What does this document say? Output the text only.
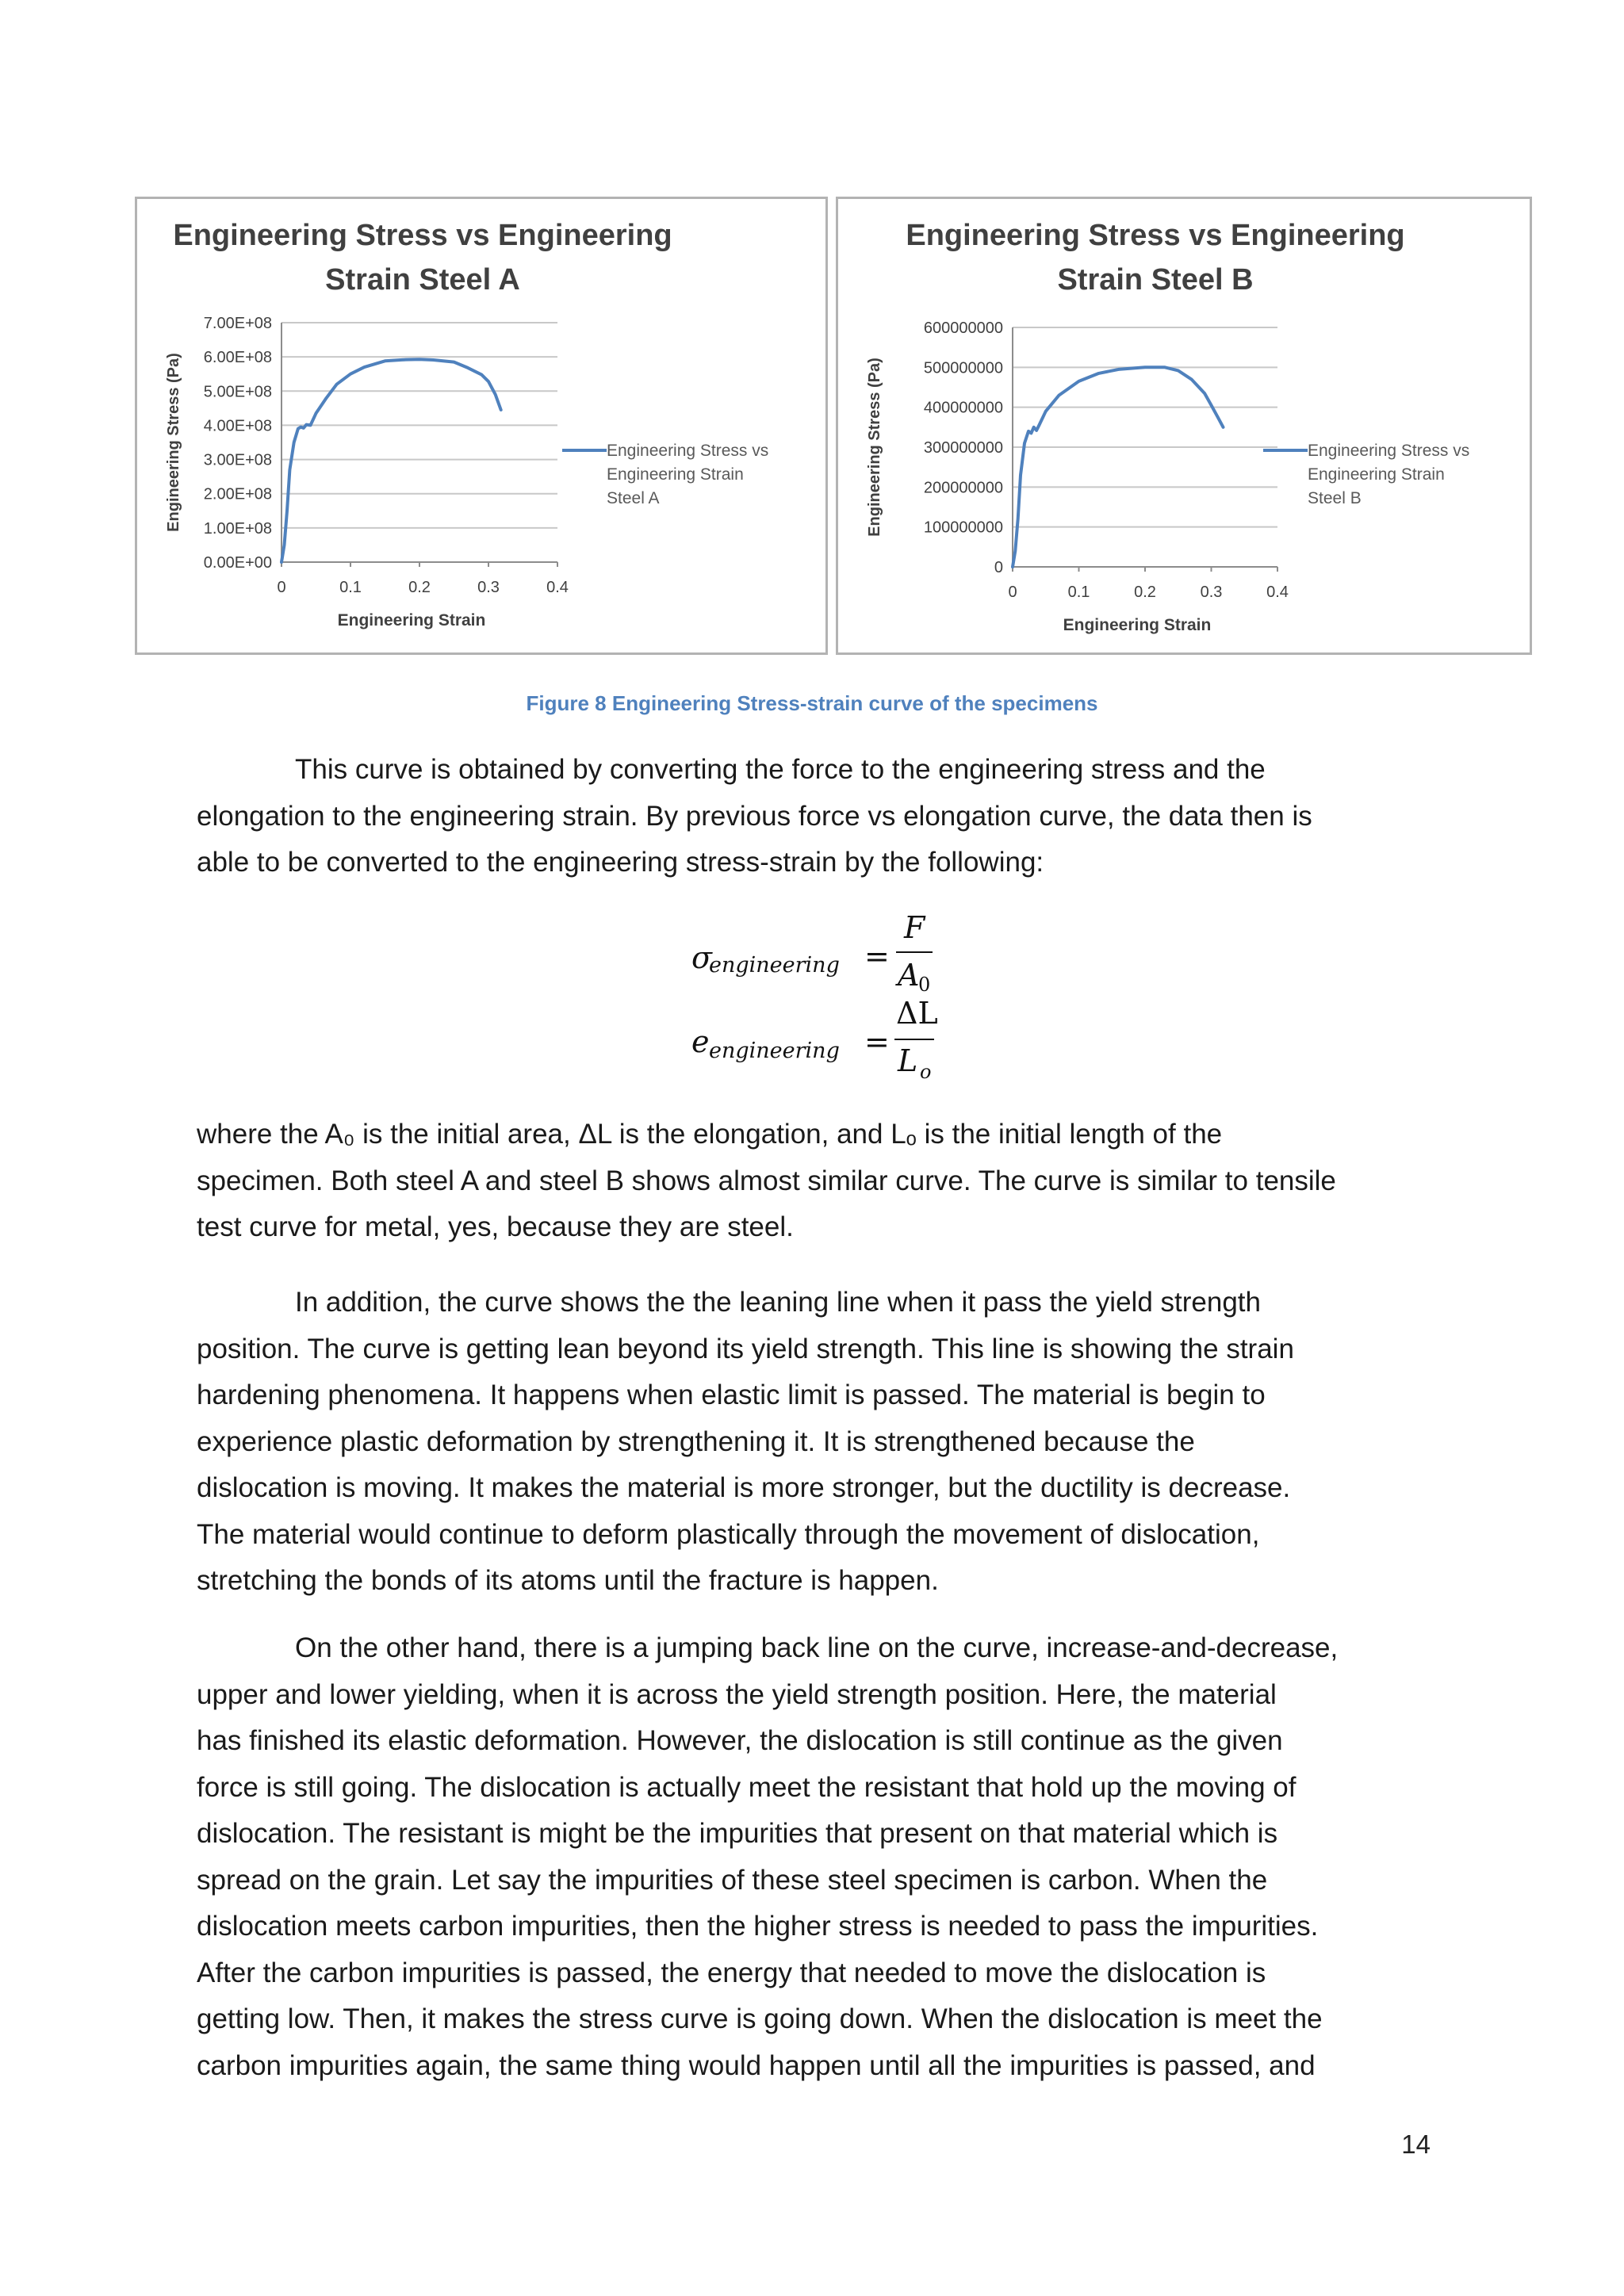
Engineering Stress vs Engineering
Strain Steel A
0.00E+00
1.00E+08
2.00E+08
3.00E+08
4.00E+08
5.00E+08
6.00E+08
7.00E+08
0	0.1	0.2	0.3	0.4
Engineering Strain
Engineering Stress (Pa)	Engineering Stress vs
Engineering Strain
Steel A
Engineering Stress vs Engineering
Strain Steel B
0
100000000
200000000
300000000
400000000
500000000
600000000
0	0.1	0.2	0.3	0.4
Engineering Strain
Engineering Stress (Pa)	Engineering Stress vs
Engineering Strain
Steel B
Figure 8 Engineering Stress-strain curve of the specimens

This curve is obtained by converting the force to the engineering stress and the
elongation to the engineering strain. By previous force vs elongation curve, the data then is
able to be converted to the engineering stress-strain by the following:

σ
engineering =
F
A
0
e engineering =
ΔL
L o

where the A₀ is the initial area, ΔL is the elongation, and Lₒ is the initial length of the
specimen. Both steel A and steel B shows almost similar curve. The curve is similar to tensile
test curve for metal, yes, because they are steel.

In addition, the curve shows the the leaning line when it pass the yield strength
position. The curve is getting lean beyond its yield strength. This line is showing the strain
hardening phenomena. It happens when elastic limit is passed. The material is begin to
experience plastic deformation by strengthening it. It is strengthened because the
dislocation is moving. It makes the material is more stronger, but the ductility is decrease.
The material would continue to deform plastically through the movement of dislocation,
stretching the bonds of its atoms until the fracture is happen.

On the other hand, there is a jumping back line on the curve, increase-and-decrease,
upper and lower yielding, when it is across the yield strength position. Here, the material
has finished its elastic deformation. However, the dislocation is still continue as the given
force is still going. The dislocation is actually meet the resistant that hold up the moving of
dislocation. The resistant is might be the impurities that present on that material which is
spread on the grain. Let say the impurities of these steel specimen is carbon. When the
dislocation meets carbon impurities, then the higher stress is needed to pass the impurities.
After the carbon impurities is passed, the energy that needed to move the dislocation is
getting low. Then, it makes the stress curve is going down. When the dislocation is meet the
carbon impurities again, the same thing would happen until all the impurities is passed, and

14
